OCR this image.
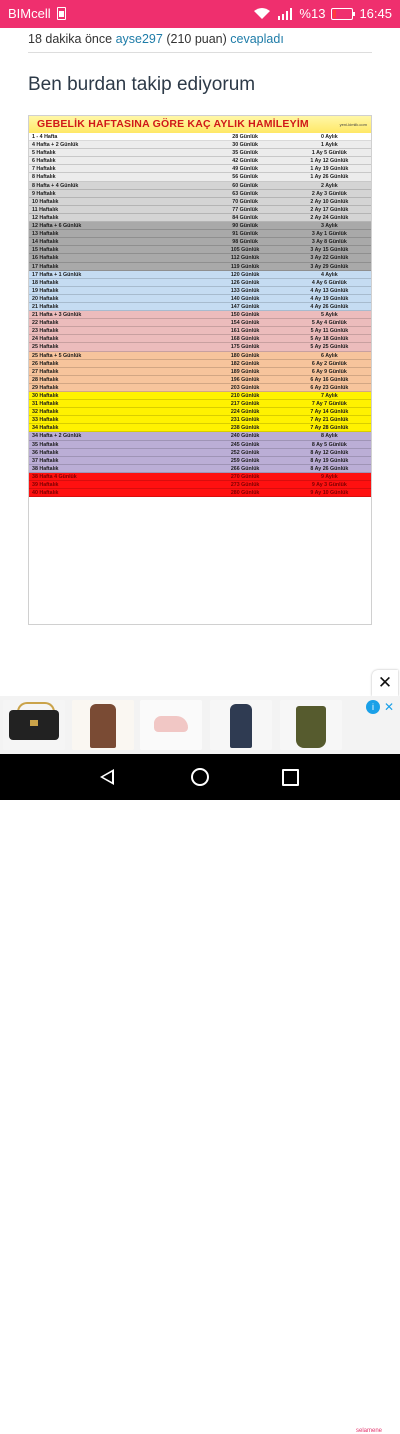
BIMcell	%13	16:45
18 dakika önce ayse297 (210 puan) cevapladı
Ben burdan takip ediyorum
GEBELİK HAFTASINA GÖRE KAÇ AYLIK HAMİLEYİM	yeni-kimlik.com
1 - 4 Hafta	28 Günlük	0 Aylık
4 Hafta + 2 Günlük	30 Günlük	1 Aylık
5 Haftalık	35 Günlük	1 Ay 5 Günlük
6 Haftalık	42 Günlük	1 Ay 12 Günlük
7 Haftalık	49 Günlük	1 Ay 19 Günlük
8 Haftalık	56 Günlük	1 Ay 26 Günlük
8 Hafta + 4 Günlük	60 Günlük	2 Aylık
9 Haftalık	63 Günlük	2 Ay 3 Günlük
10 Haftalık	70 Günlük	2 Ay 10 Günlük
11 Haftalık	77 Günlük	2 Ay 17 Günlük
12 Haftalık	84 Günlük	2 Ay 24 Günlük
12 Hafta + 6 Günlük	90 Günlük	3 Aylık
13 Haftalık	91 Günlük	3 Ay 1 Günlük
14 Haftalık	98 Günlük	3 Ay 8 Günlük
15 Haftalık	105 Günlük	3 Ay 15 Günlük
16 Haftalık	112 Günlük	3 Ay 22 Günlük
17 Haftalık	119 Günlük	3 Ay 29 Günlük
17 Hafta + 1 Günlük	120 Günlük	4 Aylık
18 Haftalık	126 Günlük	4 Ay 6 Günlük
19 Haftalık	133 Günlük	4 Ay 13 Günlük
20 Haftalık	140 Günlük	4 Ay 19 Günlük
21 Haftalık	147 Günlük	4 Ay 26 Günlük
21 Hafta + 3 Günlük	150 Günlük	5 Aylık
22 Haftalık	154 Günlük	5 Ay 4 Günlük
23 Haftalık	161 Günlük	5 Ay 11 Günlük
24 Haftalık	168 Günlük	5 Ay 18 Günlük
25 Haftalık	175 Günlük	5 Ay 25 Günlük
25 Hafta + 5 Günlük	180 Günlük	6 Aylık
26 Haftalık	182 Günlük	6 Ay 2 Günlük
27 Haftalık	189 Günlük	6 Ay 9 Günlük
28 Haftalık	196 Günlük	6 Ay 16 Günlük
29 Haftalık	203 Günlük	6 Ay 23 Günlük
30 Haftalık	210 Günlük	7 Aylık
31 Haftalık	217 Günlük	7 Ay 7 Günlük
32 Haftalık	224 Günlük	7 Ay 14 Günlük
33 Haftalık	231 Günlük	7 Ay 21 Günlük
34 Haftalık	238 Günlük	7 Ay 28 Günlük
34 Hafta + 2 Günlük	240 Günlük	8 Aylık
35 Haftalık	245 Günlük	8 Ay 5 Günlük
36 Haftalık	252 Günlük	8 Ay 12 Günlük
37 Haftalık	259 Günlük	8 Ay 19 Günlük
38 Haftalık	266 Günlük	8 Ay 26 Günlük
38 Hafta 4 Günlük	270 Günlük	9 Aylık
39 Haftalık	273 Günlük	9 Ay 3 Günlük
40 Haftalık	280 Günlük	9 Ay 10 Günlük
✕
selamene
i ✕
